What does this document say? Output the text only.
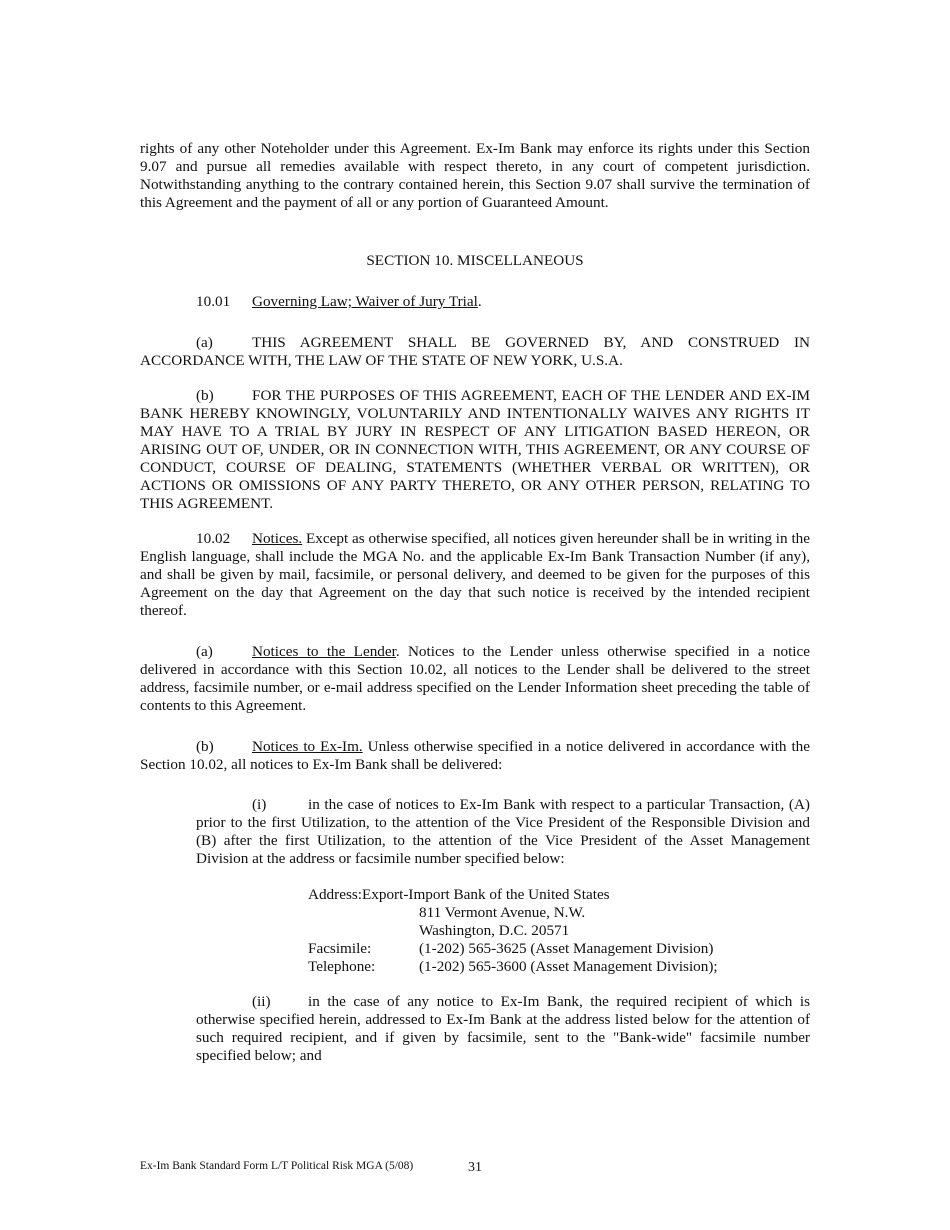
rights of any other Noteholder under this Agreement. Ex-Im Bank may enforce its rights under this Section 9.07 and pursue all remedies available with respect thereto, in any court of competent jurisdiction. Notwithstanding anything to the contrary contained herein, this Section 9.07 shall survive the termination of this Agreement and the payment of all or any portion of Guaranteed Amount.

SECTION 10. MISCELLANEOUS

10.01 Governing Law; Waiver of Jury Trial.

(a)	THIS AGREEMENT SHALL BE GOVERNED BY, AND CONSTRUED IN ACCORDANCE WITH, THE LAW OF THE STATE OF NEW YORK, U.S.A.

(b)	FOR THE PURPOSES OF THIS AGREEMENT, EACH OF THE LENDER AND EX-IM BANK HEREBY KNOWINGLY, VOLUNTARILY AND INTENTIONALLY WAIVES ANY RIGHTS IT MAY HAVE TO A TRIAL BY JURY IN RESPECT OF ANY LITIGATION BASED HEREON, OR ARISING OUT OF, UNDER, OR IN CONNECTION WITH, THIS AGREEMENT, OR ANY COURSE OF CONDUCT, COURSE OF DEALING, STATEMENTS (WHETHER VERBAL OR WRITTEN), OR ACTIONS OR OMISSIONS OF ANY PARTY THERETO, OR ANY OTHER PERSON, RELATING TO THIS AGREEMENT.

10.02 Notices. Except as otherwise specified, all notices given hereunder shall be in writing in the English language, shall include the MGA No. and the applicable Ex-Im Bank Transaction Number (if any), and shall be given by mail, facsimile, or personal delivery, and deemed to be given for the purposes of this Agreement on the day that Agreement on the day that such notice is received by the intended recipient thereof.

(a)	Notices to the Lender. Notices to the Lender unless otherwise specified in a notice delivered in accordance with this Section 10.02, all notices to the Lender shall be delivered to the street address, facsimile number, or e-mail address specified on the Lender Information sheet preceding the table of contents to this Agreement.

(b)	Notices to Ex-Im. Unless otherwise specified in a notice delivered in accordance with the Section 10.02, all notices to Ex-Im Bank shall be delivered:

(i)	in the case of notices to Ex-Im Bank with respect to a particular Transaction, (A) prior to the first Utilization, to the attention of the Vice President of the Responsible Division and (B) after the first Utilization, to the attention of the Vice President of the Asset Management Division at the address or facsimile number specified below:

Address: Export-Import Bank of the United States
811 Vermont Avenue, N.W.
Washington, D.C. 20571
Facsimile:	(1-202) 565-3625 (Asset Management Division)
Telephone:	(1-202) 565-3600 (Asset Management Division);

(ii) in the case of any notice to Ex-Im Bank, the required recipient of which is otherwise specified herein, addressed to Ex-Im Bank at the address listed below for the attention of such required recipient, and if given by facsimile, sent to the "Bank-wide" facsimile number specified below; and

Ex-Im Bank Standard Form L/T Political Risk MGA (5/08)	31
